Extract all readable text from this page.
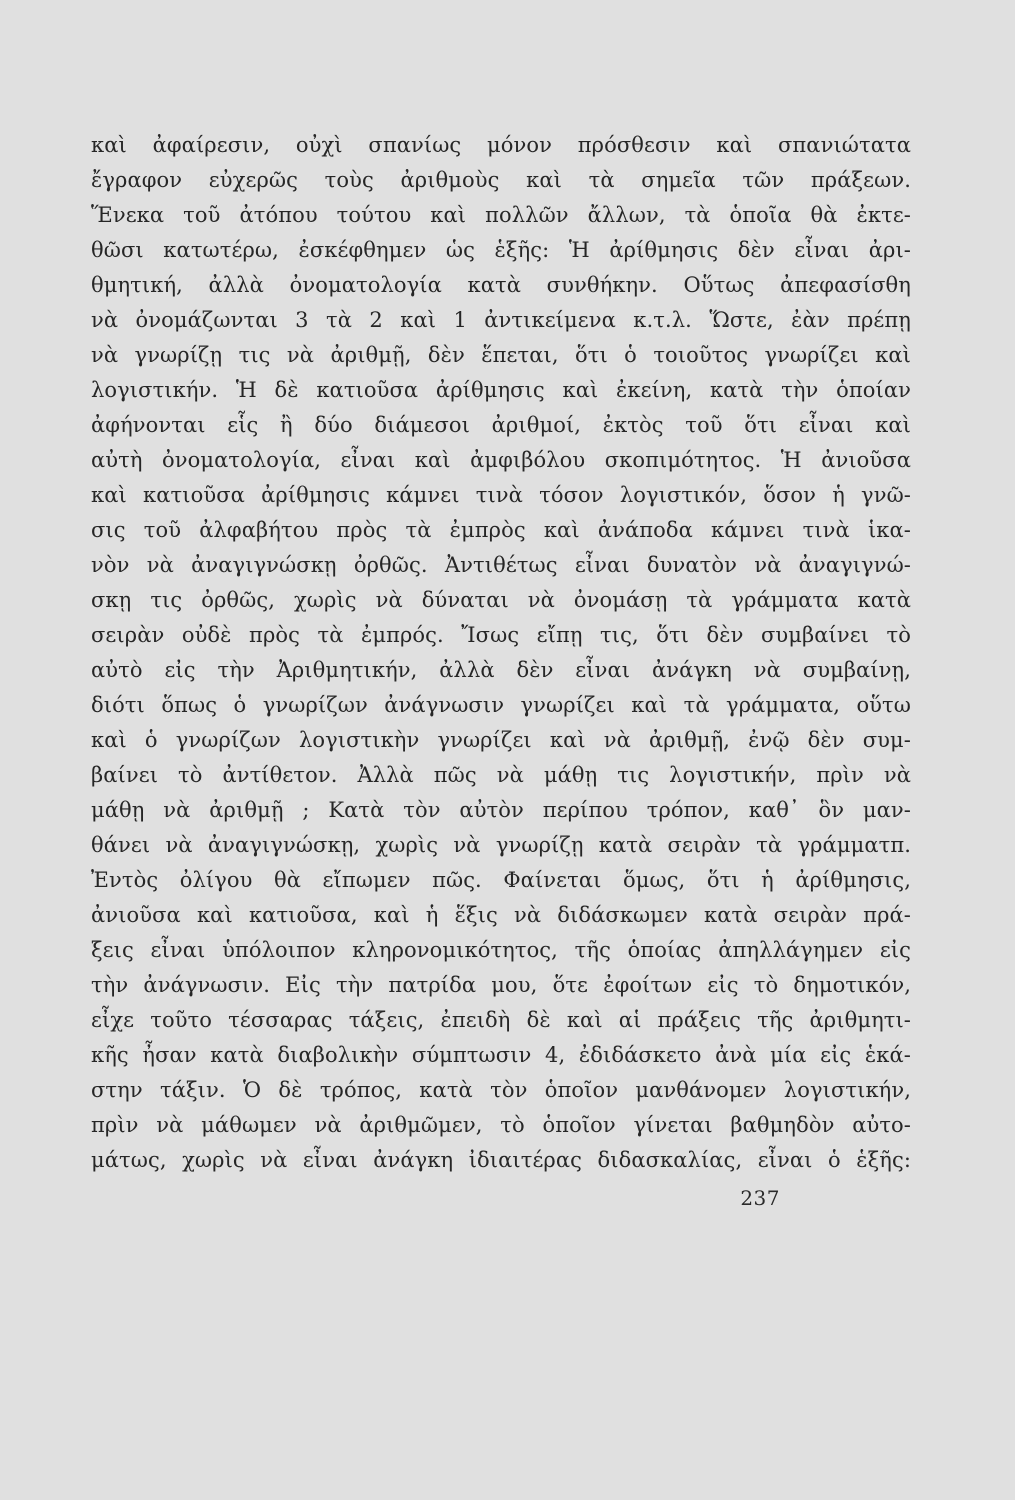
καὶ ἀφαίρεσιν, οὐχὶ σπανίως μόνον πρόσθεσιν καὶ σπανιώτατα
ἔγραφον εὐχερῶς τοὺς ἀριθμοὺς καὶ τὰ σημεῖα τῶν πράξεων.
Ἕνεκα τοῦ ἀτόπου τούτου καὶ πολλῶν ἄλλων, τὰ ὁποῖα θὰ ἐκτε-
θῶσι κατωτέρω, ἐσκέφθημεν ὡς ἑξῆς: Ἡ ἀρίθμησις δὲν εἶναι ἀρι-
θμητική, ἀλλὰ ὀνοματολογία κατὰ συνθήκην. Οὕτως ἀπεφασίσθη
νὰ ὀνομάζωνται 3 τὰ 2 καὶ 1 ἀντικείμενα κ.τ.λ. Ὥστε, ἐὰν πρέπῃ
νὰ γνωρίζῃ τις νὰ ἀριθμῇ, δὲν ἕπεται, ὅτι ὁ τοιοῦτος γνωρίζει καὶ
λογιστικήν. Ἡ δὲ κατιοῦσα ἀρίθμησις καὶ ἐκείνη, κατὰ τὴν ὁποίαν
ἀφήνονται εἷς ἢ δύο διάμεσοι ἀριθμοί, ἐκτὸς τοῦ ὅτι εἶναι καὶ
αὐτὴ ὀνοματολογία, εἶναι καὶ ἀμφιβόλου σκοπιμότητος. Ἡ ἀνιοῦσα
καὶ κατιοῦσα ἀρίθμησις κάμνει τινὰ τόσον λογιστικόν, ὅσον ἡ γνῶ-
σις τοῦ ἀλφαβήτου πρὸς τὰ ἐμπρὸς καὶ ἀνάποδα κάμνει τινὰ ἱκα-
νὸν νὰ ἀναγιγνώσκῃ ὀρθῶς. Ἀντιθέτως εἶναι δυνατὸν νὰ ἀναγιγνώ-
σκῃ τις ὀρθῶς, χωρὶς νὰ δύναται νὰ ὀνομάσῃ τὰ γράμματα κατὰ
σειρὰν οὐδὲ πρὸς τὰ ἐμπρός. Ἴσως εἴπῃ τις, ὅτι δὲν συμβαίνει τὸ
αὐτὸ εἰς τὴν Ἀριθμητικήν, ἀλλὰ δὲν εἶναι ἀνάγκη νὰ συμβαίνῃ,
διότι ὅπως ὁ γνωρίζων ἀνάγνωσιν γνωρίζει καὶ τὰ γράμματα, οὕτω
καὶ ὁ γνωρίζων λογιστικὴν γνωρίζει καὶ νὰ ἀριθμῇ, ἐνῷ δὲν συμ-
βαίνει τὸ ἀντίθετον. Ἀλλὰ πῶς νὰ μάθῃ τις λογιστικήν, πρὶν νὰ
μάθῃ νὰ ἀριθμῇ ; Κατὰ τὸν αὐτὸν περίπου τρόπον, καθ᾿ ὃν μαν-
θάνει νὰ ἀναγιγνώσκῃ, χωρὶς νὰ γνωρίζῃ κατὰ σειρὰν τὰ γράμματπ.
Ἐντὸς ὀλίγου θὰ εἴπωμεν πῶς. Φαίνεται ὅμως, ὅτι ἡ ἀρίθμησις,
ἀνιοῦσα καὶ κατιοῦσα, καὶ ἡ ἕξις νὰ διδάσκωμεν κατὰ σειρὰν πρά-
ξεις εἶναι ὑπόλοιπον κληρονομικότητος, τῆς ὁποίας ἀπηλλάγημεν εἰς
τὴν ἀνάγνωσιν. Εἰς τὴν πατρίδα μου, ὅτε ἐφοίτων εἰς τὸ δημοτικόν,
εἶχε τοῦτο τέσσαρας τάξεις, ἐπειδὴ δὲ καὶ αἱ πράξεις τῆς ἀριθμητι-
κῆς ἦσαν κατὰ διαβολικὴν σύμπτωσιν 4, ἐδιδάσκετο ἀνὰ μία εἰς ἑκά-
στην τάξιν. Ὁ δὲ τρόπος, κατὰ τὸν ὁποῖον μανθάνομεν λογιστικήν,
πρὶν νὰ μάθωμεν νὰ ἀριθμῶμεν, τὸ ὁποῖον γίνεται βαθμηδὸν αὐτο-
μάτως, χωρὶς νὰ εἶναι ἀνάγκη ἰδιαιτέρας διδασκαλίας, εἶναι ὁ ἑξῆς:
237
